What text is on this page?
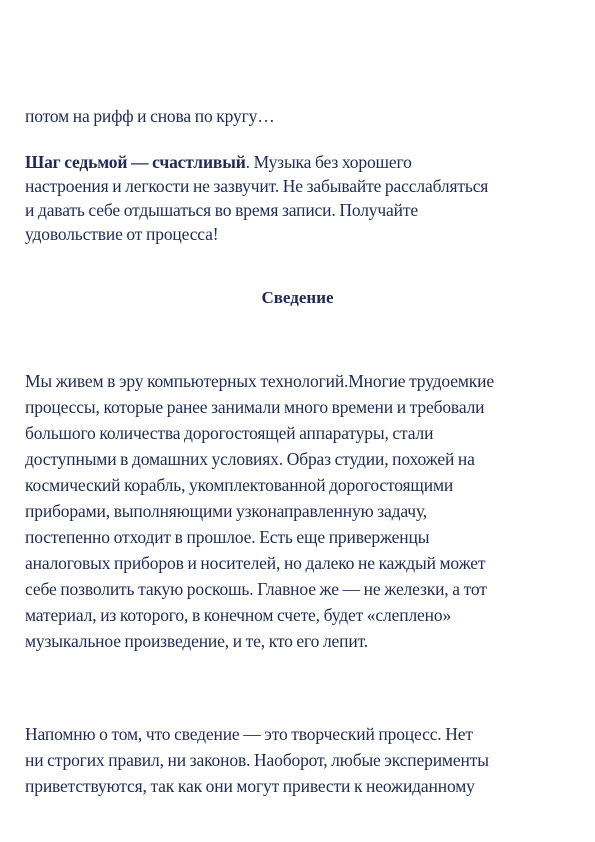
потом на рифф и снова по кругу…
Шаг седьмой — счастливый. Музыка без хорошего
настроения и легкости не зазвучит. Не забывайте расслабляться
и давать себе отдышаться во время записи. Получайте
удовольствие от процесса!
Сведение
Мы живем в эру компьютерных технологий.Многие трудоемкие
процессы, которые ранее занимали много времени и требовали
большого количества дорогостоящей аппаратуры, стали
доступными в домашних условиях. Образ студии, похожей на
космический корабль, укомплектованной дорогостоящими
приборами, выполняющими узконаправленную задачу,
постепенно отходит в прошлое. Есть еще приверженцы
аналоговых приборов и носителей, но далеко не каждый может
себе позволить такую роскошь. Главное же — не железки, а тот
материал, из которого, в конечном счете, будет «слеплено»
музыкальное произведение, и те, кто его лепит.
Напомню о том, что сведение — это творческий процесс. Нет
ни строгих правил, ни законов. Наоборот, любые эксперименты
приветствуются, так как они могут привести к неожиданному
